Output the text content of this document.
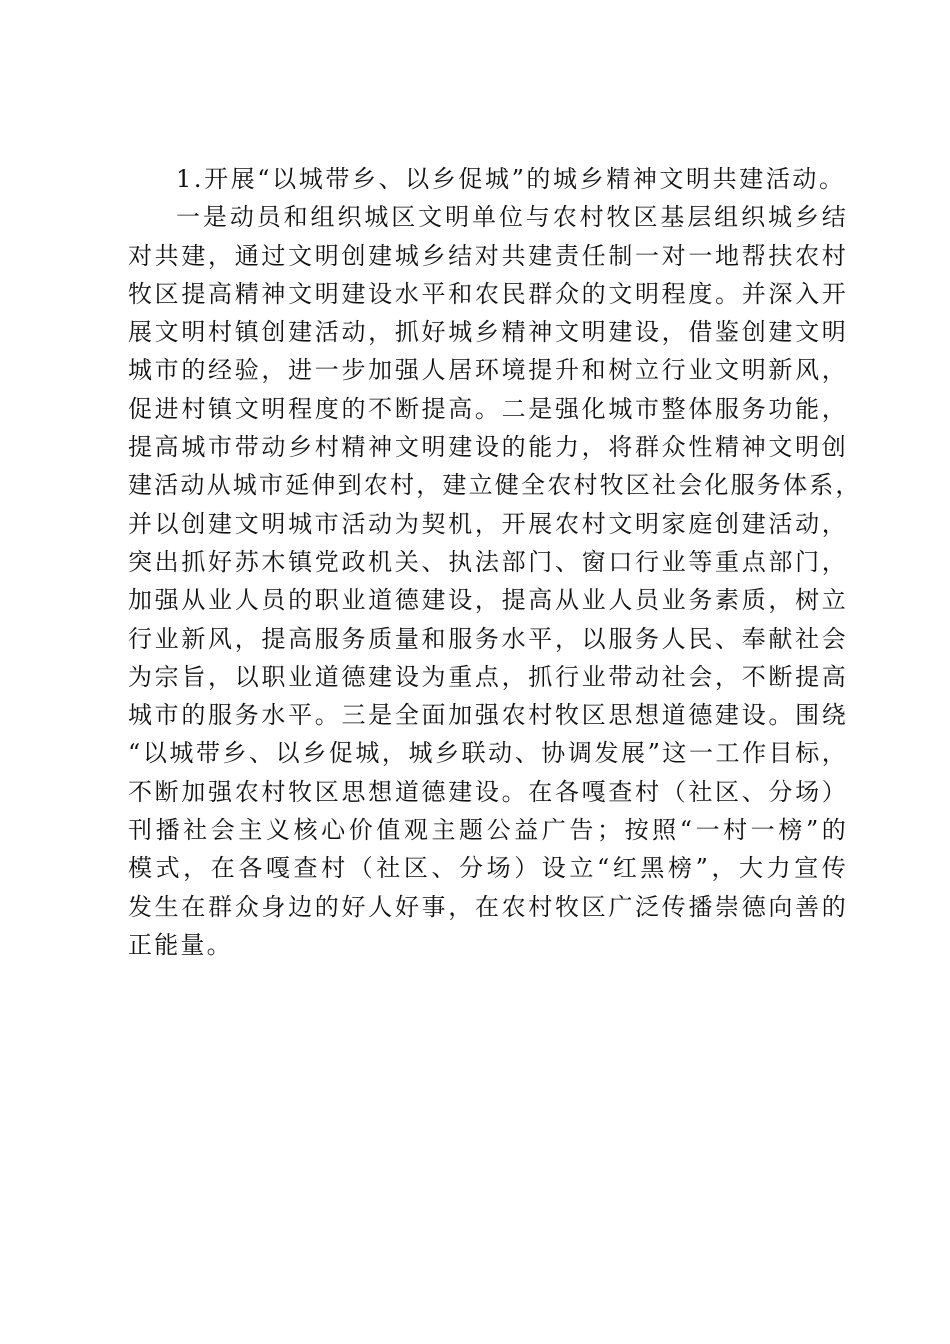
1.开展“以城带乡、以乡促城”的城乡精神文明共建活动。
一是动员和组织城区文明单位与农村牧区基层组织城乡结
对共建，通过文明创建城乡结对共建责任制一对一地帮扶农村
牧区提高精神文明建设水平和农民群众的文明程度。并深入开
展文明村镇创建活动，抓好城乡精神文明建设，借鉴创建文明
城市的经验，进一步加强人居环境提升和树立行业文明新风，
促进村镇文明程度的不断提高。二是强化城市整体服务功能，
提高城市带动乡村精神文明建设的能力，将群众性精神文明创
建活动从城市延伸到农村，建立健全农村牧区社会化服务体系，
并以创建文明城市活动为契机，开展农村文明家庭创建活动，
突出抓好苏木镇党政机关、执法部门、窗口行业等重点部门，
加强从业人员的职业道德建设，提高从业人员业务素质，树立
行业新风，提高服务质量和服务水平，以服务人民、奉献社会
为宗旨，以职业道德建设为重点，抓行业带动社会，不断提高
城市的服务水平。三是全面加强农村牧区思想道德建设。围绕
“以城带乡、以乡促城，城乡联动、协调发展”这一工作目标，
不断加强农村牧区思想道德建设。在各嘎查村（社区、分场）
刊播社会主义核心价值观主题公益广告；按照“一村一榜”的
模式，在各嘎查村（社区、分场）设立“红黑榜”，大力宣传
发生在群众身边的好人好事，在农村牧区广泛传播崇德向善的
正能量。
